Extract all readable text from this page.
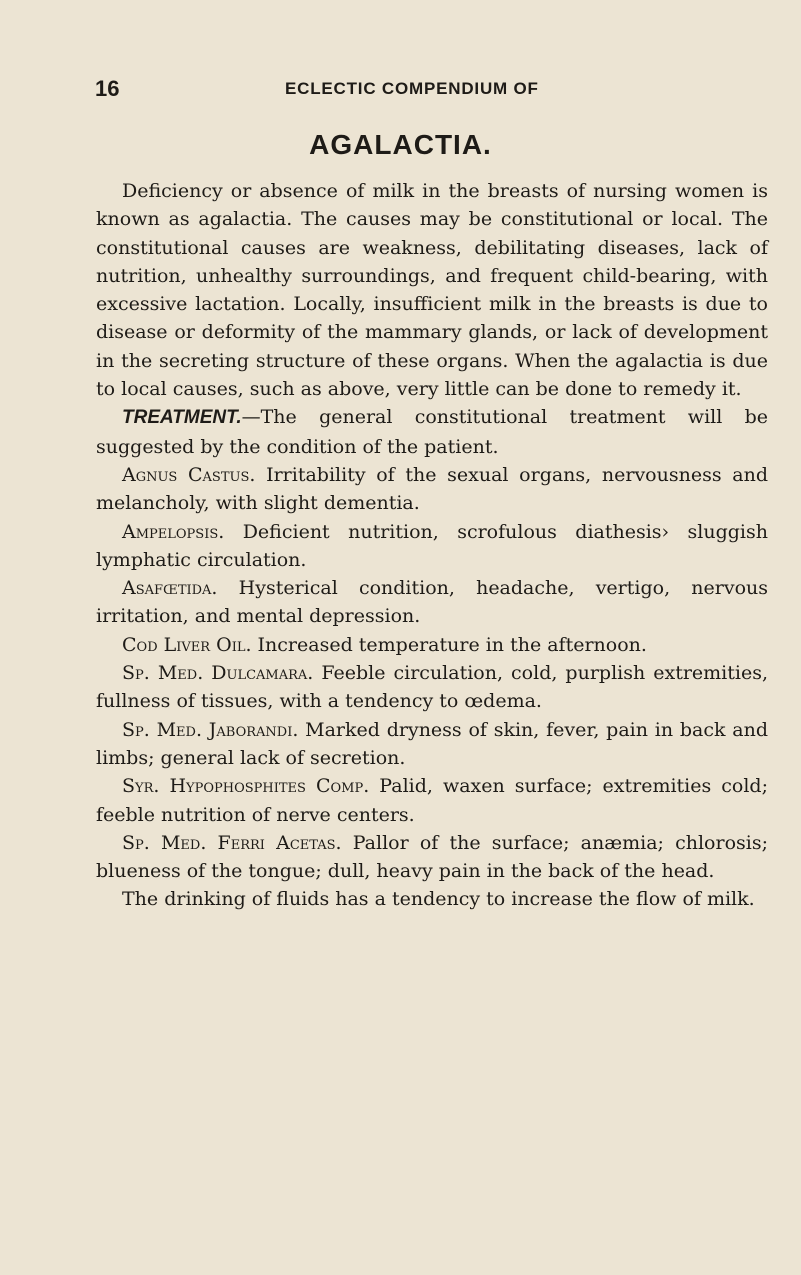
16	ECLECTIC COMPENDIUM OF
AGALACTIA.

Deficiency or absence of milk in the breasts of nursing women is known as agalactia. The causes may be constitutional or local. The constitutional causes are weakness, debilitating diseases, lack of nutrition, unhealthy surroundings, and frequent child-bearing, with excessive lactation. Locally, insufficient milk in the breasts is due to disease or deformity of the mammary glands, or lack of development in the secreting structure of these organs. When the agalactia is due to local causes, such as above, very little can be done to remedy it.

TREATMENT.—The general constitutional treatment will be suggested by the condition of the patient.

Agnus Castus. Irritability of the sexual organs, nervousness and melancholy, with slight dementia.

Ampelopsis. Deficient nutrition, scrofulous diathesis› sluggish lymphatic circulation.

Asafœtida. Hysterical condition, headache, vertigo, nervous irritation, and mental depression.

Cod Liver Oil. Increased temperature in the afternoon.

Sp. Med. Dulcamara. Feeble circulation, cold, purplish extremities, fullness of tissues, with a tendency to œdema.

Sp. Med. Jaborandi. Marked dryness of skin, fever, pain in back and limbs; general lack of secretion.

Syr. Hypophosphites Comp. Palid, waxen surface; extremities cold; feeble nutrition of nerve centers.

Sp. Med. Ferri Acetas. Pallor of the surface; anæmia; chlorosis; blueness of the tongue; dull, heavy pain in the back of the head.

The drinking of fluids has a tendency to increase the flow of milk.
